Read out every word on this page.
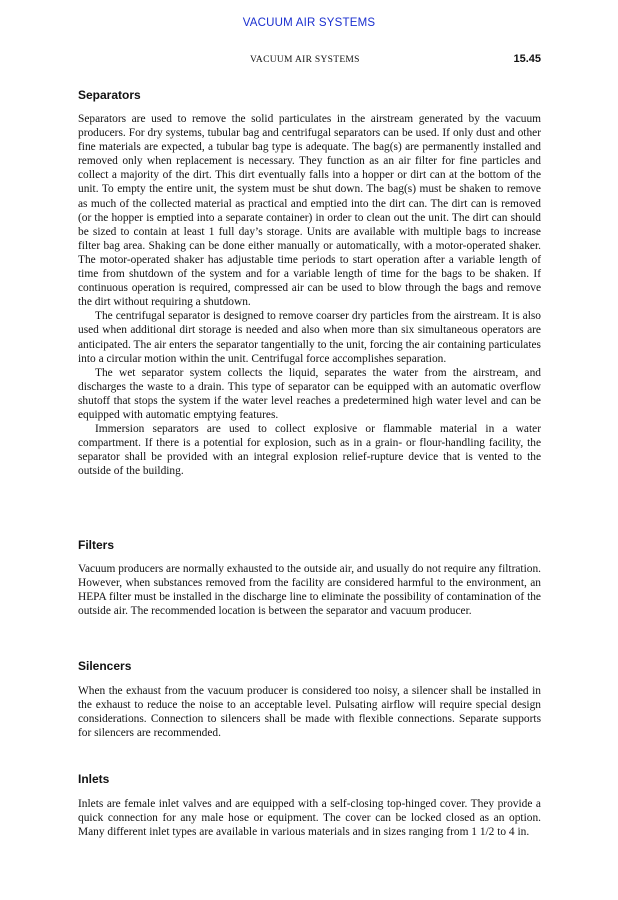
VACUUM AIR SYSTEMS
VACUUM AIR SYSTEMS	15.45
Separators

Separators are used to remove the solid particulates in the airstream generated by the vacuum producers. For dry systems, tubular bag and centrifugal separators can be used. If only dust and other fine materials are expected, a tubular bag type is adequate. The bag(s) are permanently installed and removed only when replacement is necessary. They function as an air filter for fine particles and collect a majority of the dirt. This dirt eventually falls into a hopper or dirt can at the bottom of the unit. To empty the entire unit, the system must be shut down. The bag(s) must be shaken to remove as much of the collected material as practical and emptied into the dirt can. The dirt can is removed (or the hopper is emptied into a separate container) in order to clean out the unit. The dirt can should be sized to contain at least 1 full day’s storage. Units are available with multiple bags to increase filter bag area. Shaking can be done either manually or automatically, with a motor-operated shaker. The motor-operated shaker has adjustable time periods to start operation after a variable length of time from shutdown of the system and for a variable length of time for the bags to be shaken. If continuous operation is required, compressed air can be used to blow through the bags and remove the dirt without requiring a shutdown.

The centrifugal separator is designed to remove coarser dry particles from the airstream. It is also used when additional dirt storage is needed and also when more than six simultaneous operators are anticipated. The air enters the separator tangentially to the unit, forcing the air containing particulates into a circular motion within the unit. Centrifugal force accomplishes separation.

The wet separator system collects the liquid, separates the water from the airstream, and discharges the waste to a drain. This type of separator can be equipped with an automatic overflow shutoff that stops the system if the water level reaches a predetermined high water level and can be equipped with automatic emptying features.

Immersion separators are used to collect explosive or flammable material in a water compartment. If there is a potential for explosion, such as in a grain- or flour-handling facility, the separator shall be provided with an integral explosion relief-rupture device that is vented to the outside of the building.

Filters

Vacuum producers are normally exhausted to the outside air, and usually do not require any filtration. However, when substances removed from the facility are considered harmful to the environment, an HEPA filter must be installed in the discharge line to eliminate the possibility of contamination of the outside air. The recommended location is between the separator and vacuum producer.

Silencers

When the exhaust from the vacuum producer is considered too noisy, a silencer shall be installed in the exhaust to reduce the noise to an acceptable level. Pulsating airflow will require special design considerations. Connection to silencers shall be made with flexible connections. Separate supports for silencers are recommended.

Inlets

Inlets are female inlet valves and are equipped with a self-closing top-hinged cover. They provide a quick connection for any male hose or equipment. The cover can be locked closed as an option. Many different inlet types are available in various materials and in sizes ranging from 1 1/2 to 4 in.
